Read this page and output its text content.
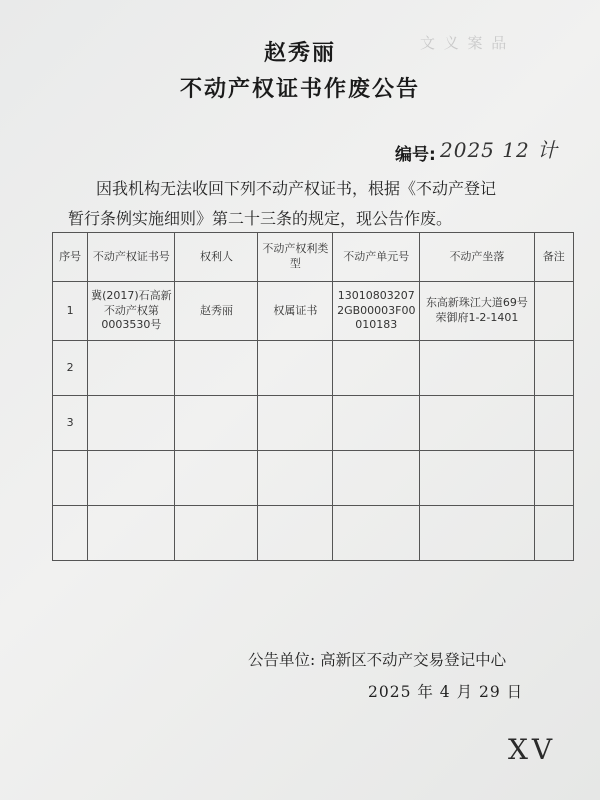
文 义 案 品
赵秀丽
不动产权证书作废公告
编号: 2025 12 计
因我机构无法收回下列不动产权证书，根据《不动产登记
暂行条例实施细则》第二十三条的规定，现公告作废。
序号	不动产权证书号	权利人	不动产权利类型	不动产单元号	不动产坐落	备注
1	冀(2017)石高新不动产权第0003530号	赵秀丽	权属证书	130108032072GB00003F00010183	东高新珠江大道69号荣御府1-2-1401	
2						
3						

公告单位: 高新区不动产交易登记中心
2025 年 4 月 29 日
XV
